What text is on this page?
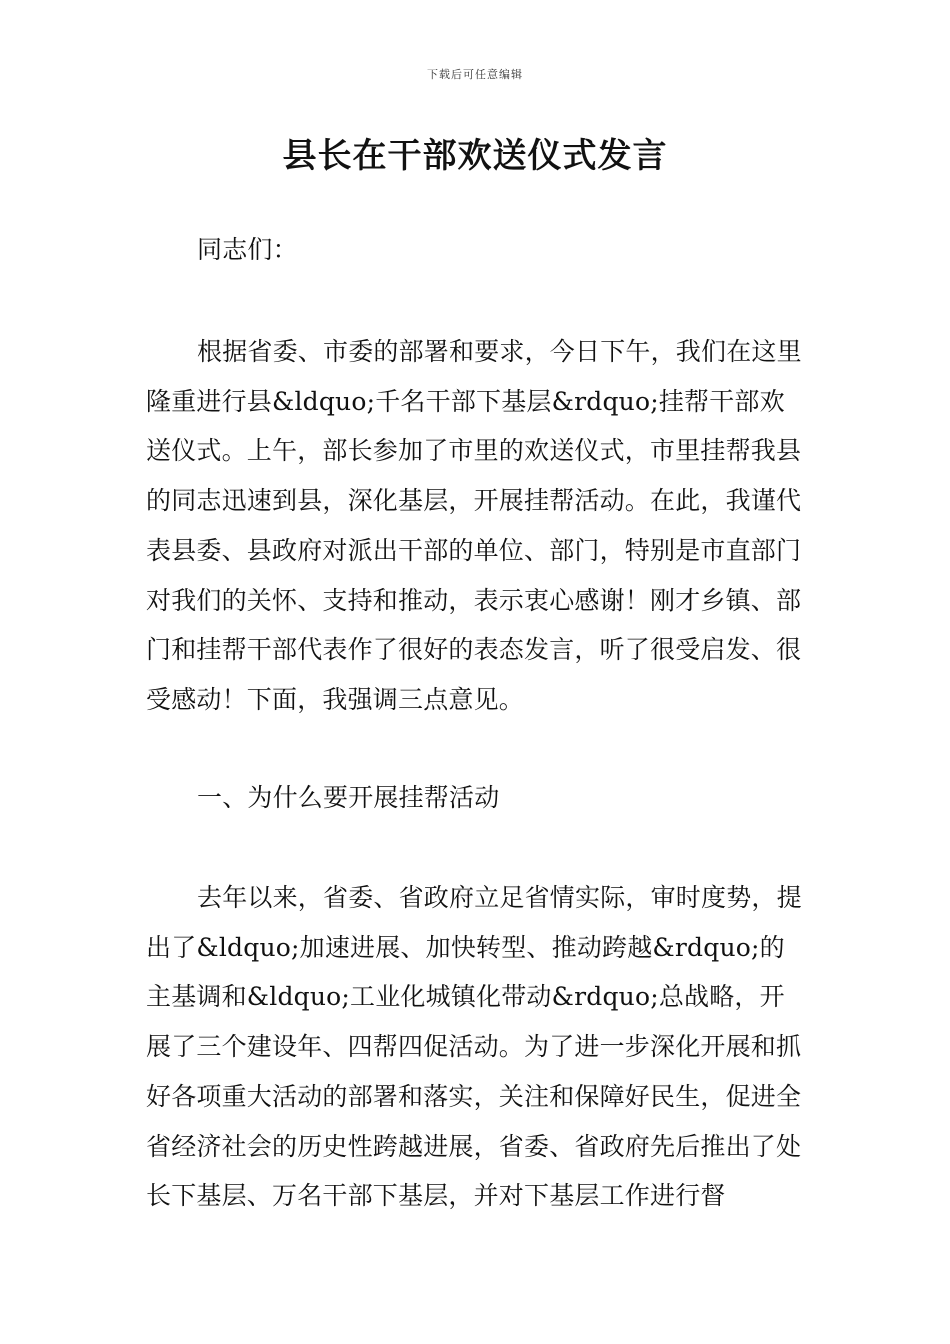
下载后可任意编辑
县长在干部欢送仪式发言
同志们：
根据省委、市委的部署和要求，今日下午，我们在这里隆重进行县&ldquo;千名干部下基层&rdquo;挂帮干部欢送仪式。上午，部长参加了市里的欢送仪式，市里挂帮我县的同志迅速到县，深化基层，开展挂帮活动。在此，我谨代表县委、县政府对派出干部的单位、部门，特别是市直部门对我们的关怀、支持和推动，表示衷心感谢！刚才乡镇、部门和挂帮干部代表作了很好的表态发言，听了很受启发、很受感动！下面，我强调三点意见。
一、为什么要开展挂帮活动
去年以来，省委、省政府立足省情实际，审时度势，提出了&ldquo;加速进展、加快转型、推动跨越&rdquo;的主基调和&ldquo;工业化城镇化带动&rdquo;总战略，开展了三个建设年、四帮四促活动。为了进一步深化开展和抓好各项重大活动的部署和落实，关注和保障好民生，促进全省经济社会的历史性跨越进展，省委、省政府先后推出了处长下基层、万名干部下基层，并对下基层工作进行督
